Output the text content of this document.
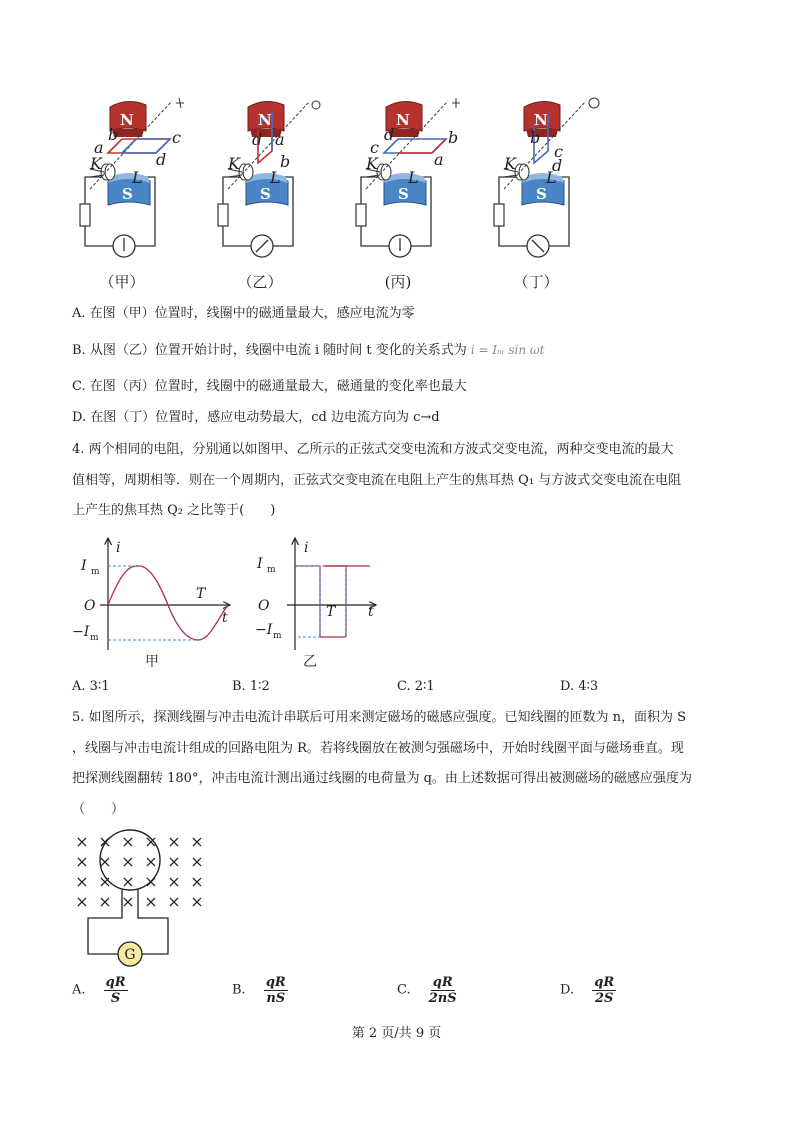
N	N	N	N
S	S	S	S
a
b	c
d
d a
b
c
d	b
a
b
c
d
K
L
K
L
K
L
K
L
（甲）	（乙）	(丙)	（丁）
A. 在图（甲）位置时，线圈中的磁通量最大，感应电流为零
B. 从图（乙）位置开始计时，线圈中电流 i 随时间 t 变化的关系式为 i = Iₘ sin ωt
C. 在图（丙）位置时，线圈中的磁通量最大，磁通量的变化率也最大
D. 在图（丁）位置时，感应电动势最大，cd 边电流方向为 c→d
4. 两个相同的电阻，分别通以如图甲、乙所示的正弦式交变电流和方波式交变电流，两种交变电流的最大
值相等，周期相等．则在一个周期内，正弦式交变电流在电阻上产生的焦耳热 Q₁ 与方波式交变电流在电阻
上产生的焦耳热 Q₂ 之比等于(　　)
i
t
I m
−I m
O
T
i
t
I m
−I m
O	T
甲	乙
A. 3∶1	B. 1∶2	C. 2∶1	D. 4∶3
5. 如图所示，探测线圈与冲击电流计串联后可用来测定磁场的磁感应强度。已知线圈的匝数为 n，面积为 S
，线圈与冲击电流计组成的回路电阻为 R。若将线圈放在被测匀强磁场中，开始时线圈平面与磁场垂直。现
把探测线圈翻转 180°，冲击电流计测出通过线圈的电荷量为 q。由上述数据可得出被测磁场的磁感应强度为
（　　）
G
× × × × × ×
× × × × × ×
× × × × × ×
× × × × × ×
A. $\frac{qR}{S}$	B. $\frac{qR}{nS}$	C. $\frac{qR}{2nS}$	D. $\frac{qR}{2S}$
第 2 页/共 9 页
